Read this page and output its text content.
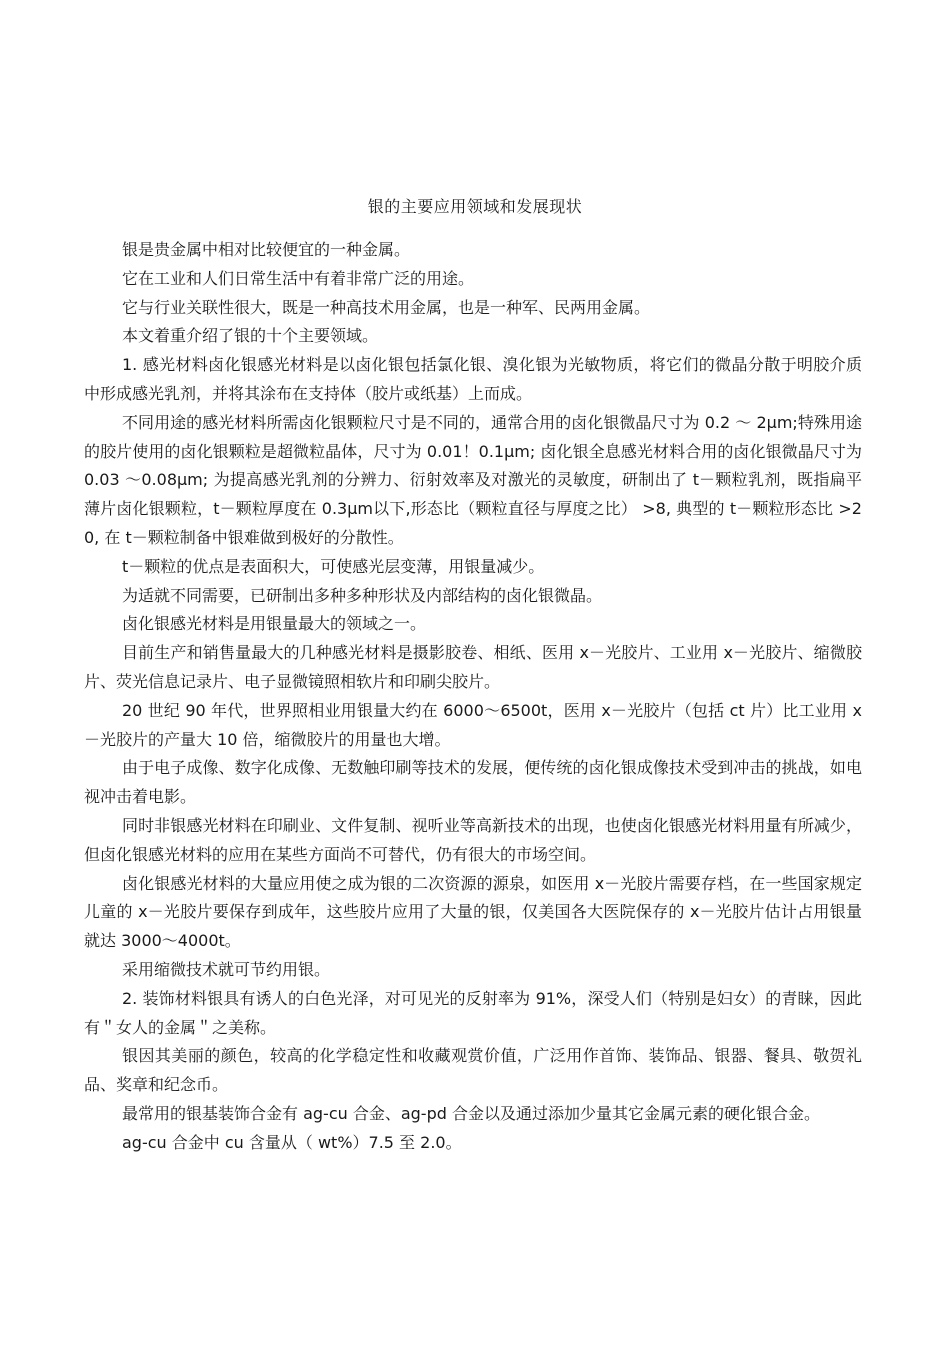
银的主要应用领域和发展现状

银是贵金属中相对比较便宜的一种金属。

它在工业和人们日常生活中有着非常广泛的用途。

它与行业关联性很大，既是一种高技术用金属，也是一种军、民两用金属。

本文着重介绍了银的十个主要领域。

1. 感光材料卤化银感光材料是以卤化银包括氯化银、溴化银为光敏物质，将它们的微晶分散于明胶介质中形成感光乳剂，并将其涂布在支持体（胶片或纸基）上而成。

不同用途的感光材料所需卤化银颗粒尺寸是不同的，通常合用的卤化银微晶尺寸为 0.2 ～ 2μm;特殊用途的胶片使用的卤化银颗粒是超微粒晶体，尺寸为 0.01！0.1μm; 卤化银全息感光材料合用的卤化银微晶尺寸为 0.03 ～0.08μm; 为提高感光乳剂的分辨力、衍射效率及对激光的灵敏度，研制出了 t－颗粒乳剂，既指扁平薄片卤化银颗粒，t－颗粒厚度在 0.3μm以下,形态比（颗粒直径与厚度之比） >8, 典型的 t－颗粒形态比 >20, 在 t－颗粒制备中银难做到极好的分散性。

t－颗粒的优点是表面积大，可使感光层变薄，用银量减少。

为适就不同需要，已研制出多种多种形状及内部结构的卤化银微晶。

卤化银感光材料是用银量最大的领域之一。

目前生产和销售量最大的几种感光材料是摄影胶卷、相纸、医用 x－光胶片、工业用 x－光胶片、缩微胶片、荧光信息记录片、电子显微镜照相软片和印刷尖胶片。

20 世纪 90 年代，世界照相业用银量大约在 6000～6500t，医用 x－光胶片（包括 ct 片）比工业用 x－光胶片的产量大 10 倍，缩微胶片的用量也大增。

由于电子成像、数字化成像、无数触印刷等技术的发展，便传统的卤化银成像技术受到冲击的挑战，如电视冲击着电影。

同时非银感光材料在印刷业、文件复制、视听业等高新技术的出现，也使卤化银感光材料用量有所减少，但卤化银感光材料的应用在某些方面尚不可替代，仍有很大的市场空间。

卤化银感光材料的大量应用使之成为银的二次资源的源泉，如医用 x－光胶片需要存档，在一些国家规定儿童的 x－光胶片要保存到成年，这些胶片应用了大量的银，仅美国各大医院保存的 x－光胶片估计占用银量就达 3000～4000t。

采用缩微技术就可节约用银。

2. 装饰材料银具有诱人的白色光泽，对可见光的反射率为 91%，深受人们（特别是妇女）的青睐，因此有＂女人的金属＂之美称。

银因其美丽的颜色，较高的化学稳定性和收藏观赏价值，广泛用作首饰、装饰品、银器、餐具、敬贺礼品、奖章和纪念币。

最常用的银基装饰合金有 ag-cu 合金、ag-pd 合金以及通过添加少量其它金属元素的硬化银合金。

ag-cu 合金中 cu 含量从（ wt%）7.5 至 2.0。
